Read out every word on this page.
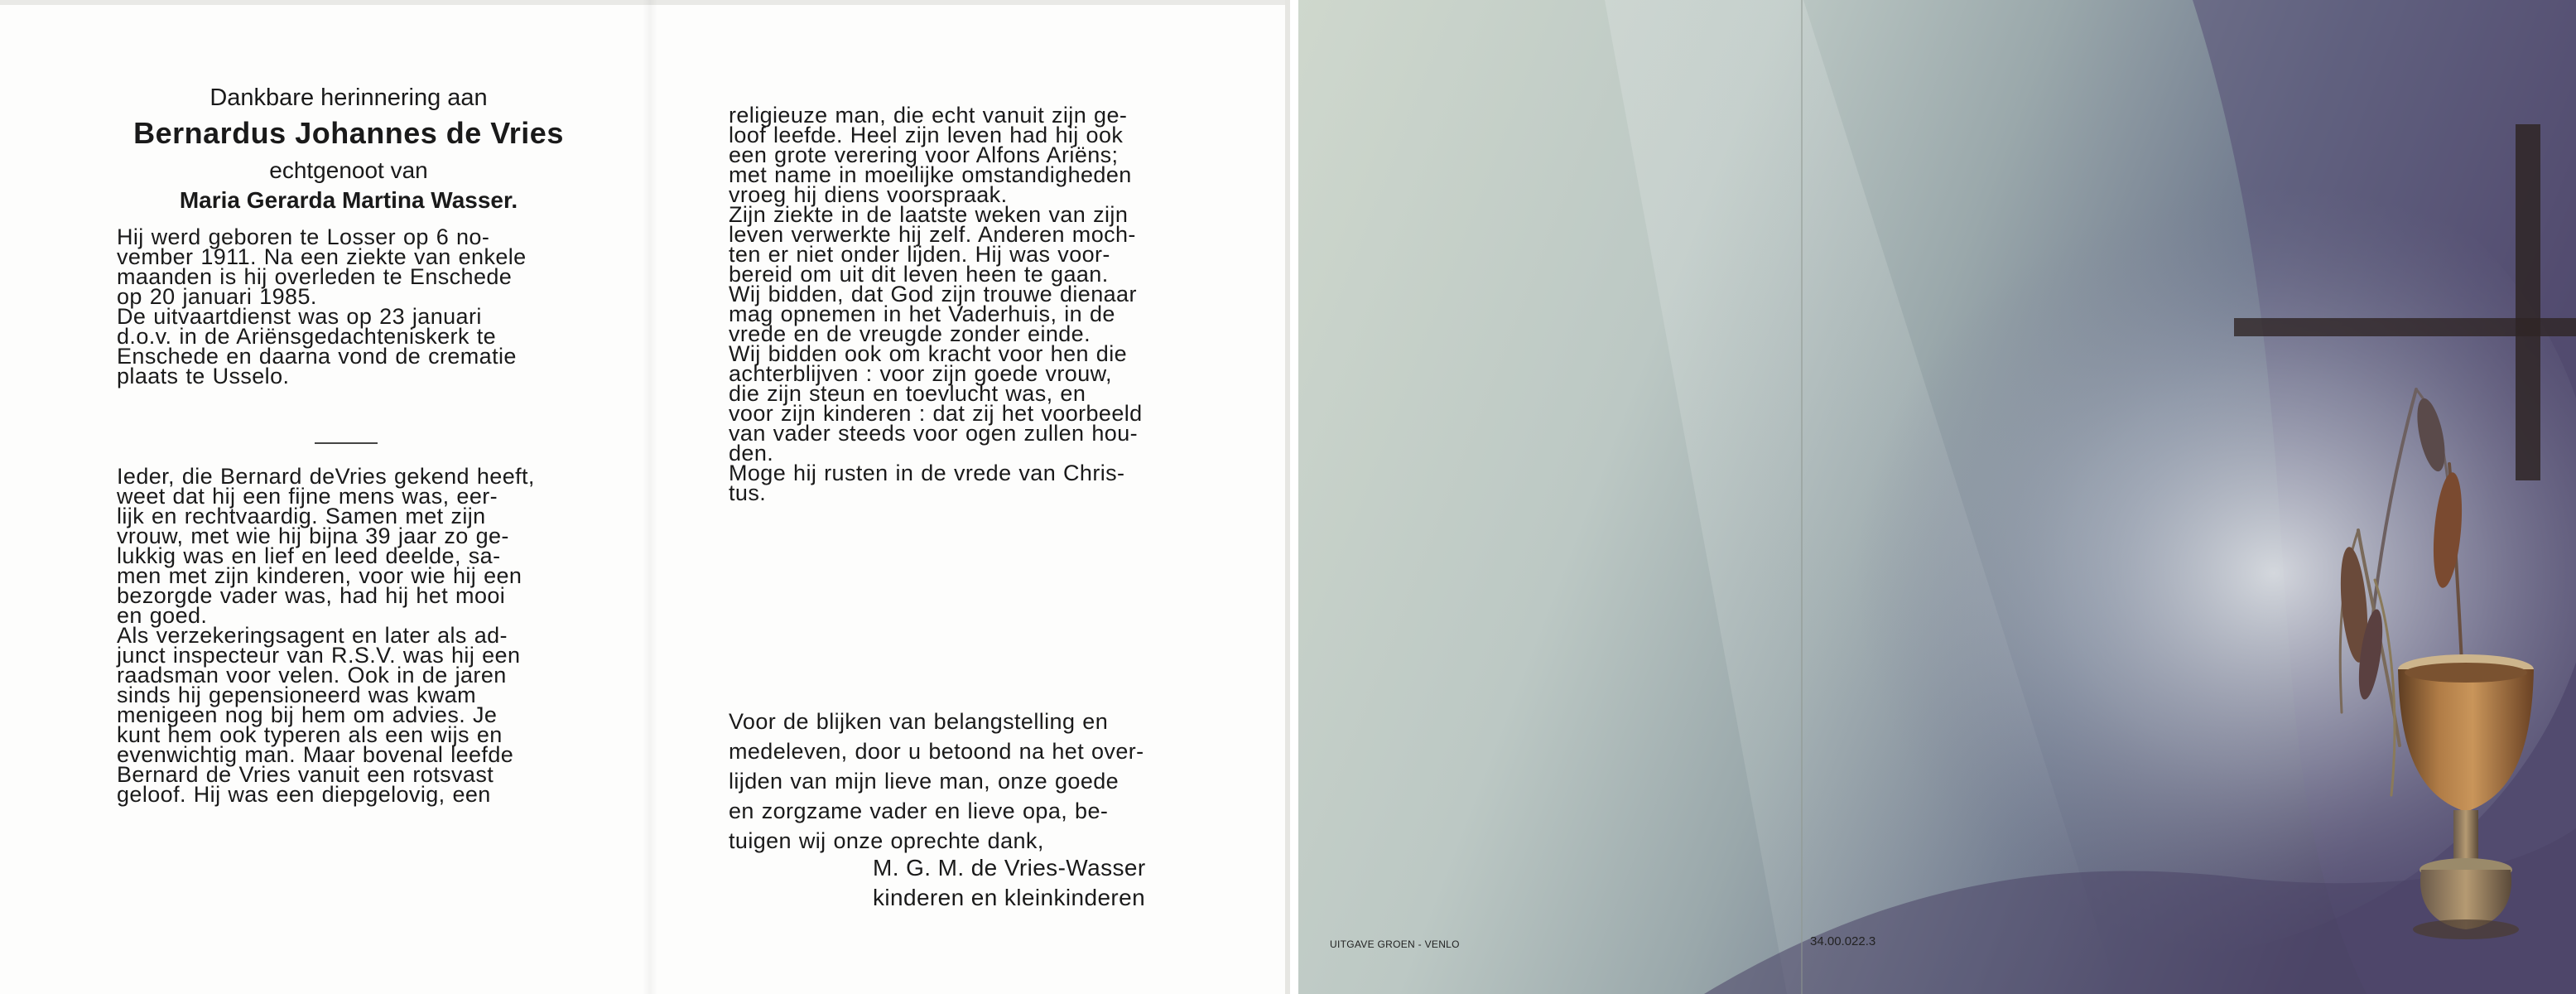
Dankbare herinnering aan
Bernardus Johannes de Vries
echtgenoot van
Maria Gerarda Martina Wasser.

Hij werd geboren te Losser op 6 no-

vember 1911. Na een ziekte van enkele

maanden is hij overleden te Enschede

op 20 januari 1985.

De uitvaartdienst was op 23 januari

d.o.v. in de Ariënsgedachteniskerk te

Enschede en daarna vond de crematie

plaats te Usselo.

Ieder, die Bernard deVries gekend heeft,

weet dat hij een fijne mens was, eer-

lijk en rechtvaardig. Samen met zijn

vrouw, met wie hij bijna 39 jaar zo ge-

lukkig was en lief en leed deelde, sa-

men met zijn kinderen, voor wie hij een

bezorgde vader was, had hij het mooi

en goed.

Als verzekeringsagent en later als ad-

junct inspecteur van R.S.V. was hij een

raadsman voor velen. Ook in de jaren

sinds hij gepensioneerd was kwam

menigeen nog bij hem om advies. Je

kunt hem ook typeren als een wijs en

evenwichtig man. Maar bovenal leefde

Bernard de Vries vanuit een rotsvast

geloof. Hij was een diepgelovig, een

religieuze man, die echt vanuit zijn ge-

loof leefde. Heel zijn leven had hij ook

een grote verering voor Alfons Ariëns;

met name in moeilijke omstandigheden

vroeg hij diens voorspraak.

Zijn ziekte in de laatste weken van zijn

leven verwerkte hij zelf. Anderen moch-

ten er niet onder lijden. Hij was voor-

bereid om uit dit leven heen te gaan.

Wij bidden, dat God zijn trouwe dienaar

mag opnemen in het Vaderhuis, in de

vrede en de vreugde zonder einde.

Wij bidden ook om kracht voor hen die

achterblijven : voor zijn goede vrouw,

die zijn steun en toevlucht was, en

voor zijn kinderen : dat zij het voorbeeld

van vader steeds voor ogen zullen hou-

den.

Moge hij rusten in de vrede van Chris-

tus.

Voor de blijken van belangstelling en

medeleven, door u betoond na het over-

lijden van mijn lieve man, onze goede

en zorgzame vader en lieve opa, be-

tuigen wij onze oprechte dank,

M. G. M. de Vries-Wasser
kinderen en kleinkinderen
UITGAVE GROEN - VENLO	34.00.022.3
